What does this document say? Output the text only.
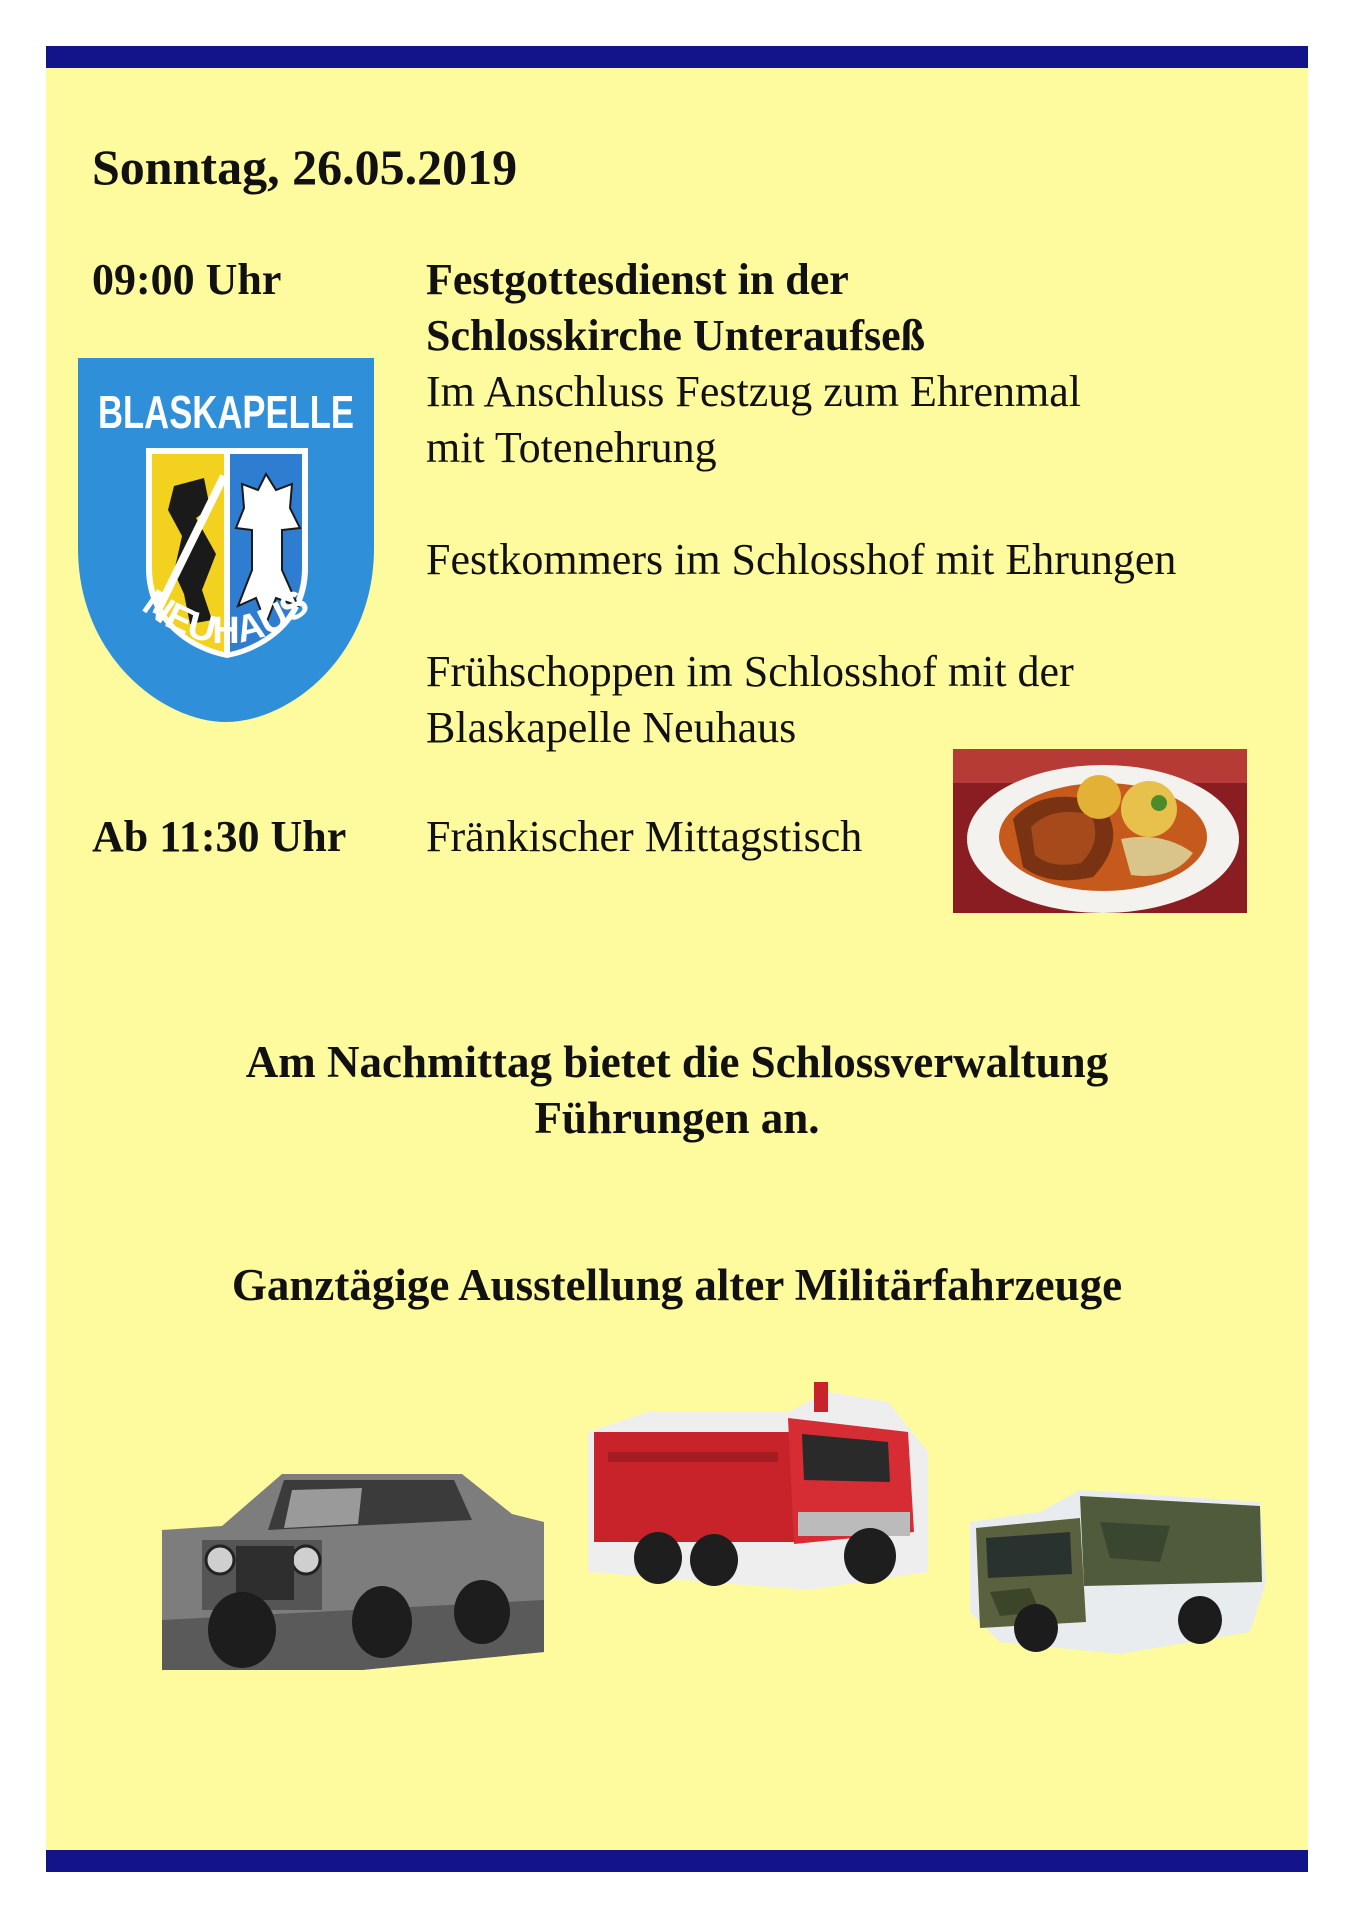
Sonntag, 26.05.2019
09:00 Uhr	Festgottesdienst in der
Schlosskirche Unteraufseß
Im Anschluss Festzug zum Ehrenmal
mit Totenehrung
Festkommers im Schlosshof mit Ehrungen
Frühschoppen im Schlosshof mit der
Blaskapelle Neuhaus
Ab 11:30 Uhr Fränkischer Mittagstisch
Am Nachmittag bietet die Schlossverwaltung
Führungen an.
Ganztägige Ausstellung alter Militärfahrzeuge
BLASKAPELLE
NEUHAUS
